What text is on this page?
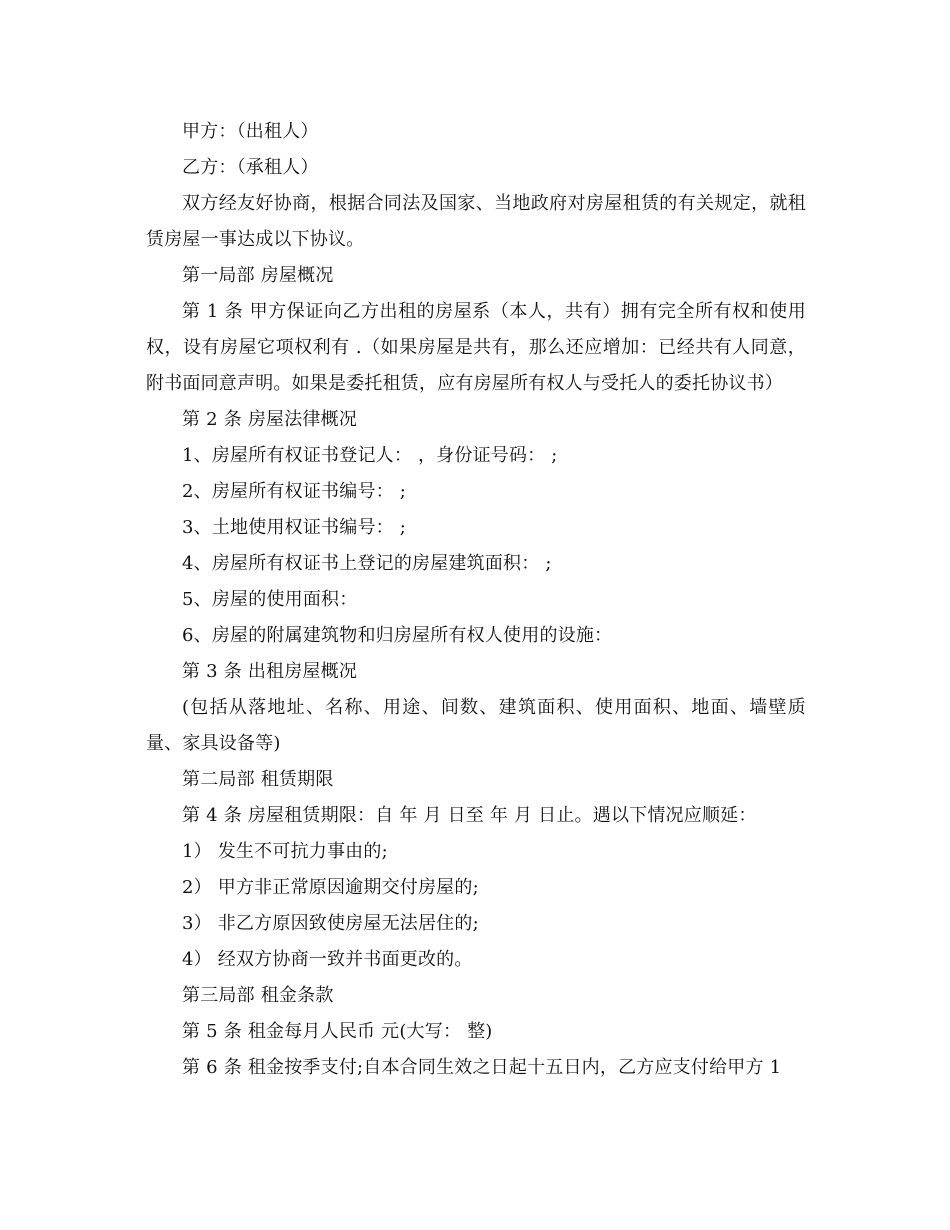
甲方：（出租人）

乙方：（承租人）

双方经友好协商，根据合同法及国家、当地政府对房屋租赁的有关规定，就租赁房屋一事达成以下协议。

第一局部 房屋概况

第 1 条 甲方保证向乙方出租的房屋系（本人，共有）拥有完全所有权和使用权，设有房屋它项权利有 .（如果房屋是共有，那么还应增加：已经共有人同意，附书面同意声明。如果是委托租赁，应有房屋所有权人与受托人的委托协议书）

第 2 条 房屋法律概况

1、房屋所有权证书登记人： ，身份证号码： ;

2、房屋所有权证书编号： ;

3、土地使用权证书编号： ;

4、房屋所有权证书上登记的房屋建筑面积： ;

5、房屋的使用面积：

6、房屋的附属建筑物和归房屋所有权人使用的设施：

第 3 条 出租房屋概况

(包括从落地址、名称、用途、间数、建筑面积、使用面积、地面、墙壁质量、家具设备等)

第二局部 租赁期限

第 4 条 房屋租赁期限：自 年 月 日至 年 月 日止。遇以下情况应顺延：

1） 发生不可抗力事由的;

2） 甲方非正常原因逾期交付房屋的;

3） 非乙方原因致使房屋无法居住的;

4） 经双方协商一致并书面更改的。

第三局部 租金条款

第 5 条 租金每月人民币 元(大写： 整)

第 6 条 租金按季支付;自本合同生效之日起十五日内，乙方应支付给甲方 1
